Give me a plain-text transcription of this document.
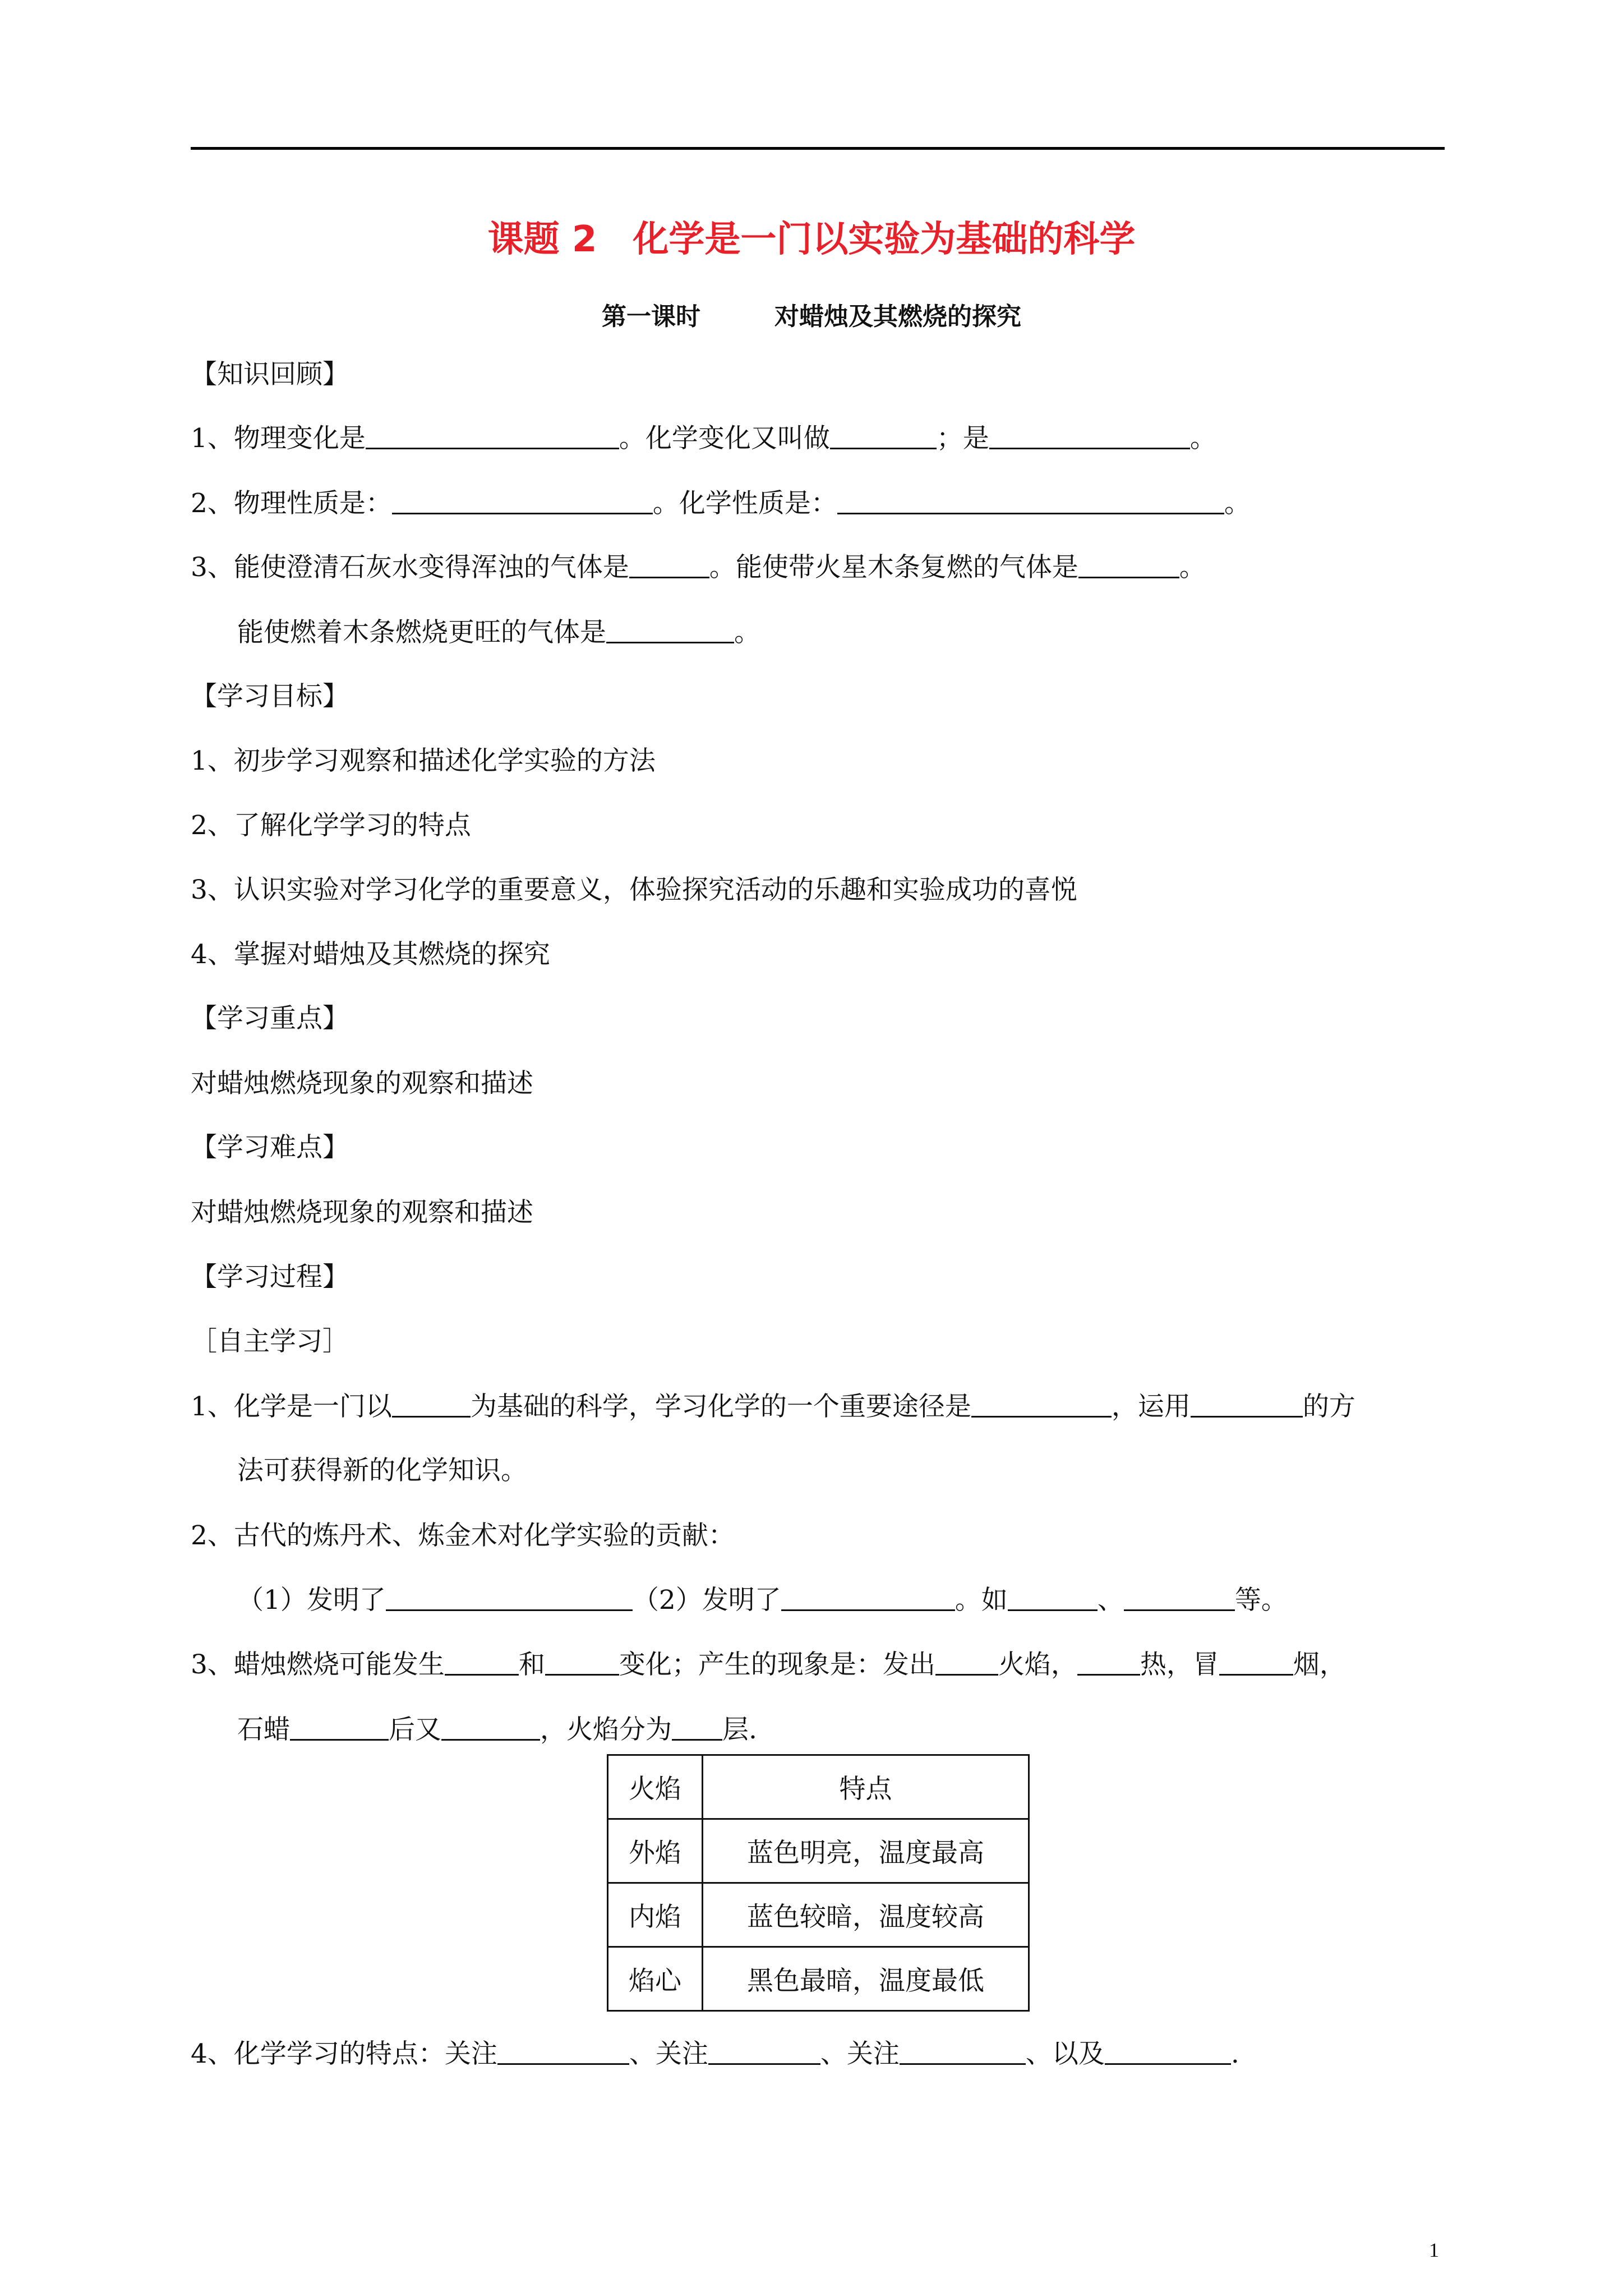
课题 2　化学是一门以实验为基础的科学
第一课时　　　对蜡烛及其燃烧的探究
【知识回顾】
1、物理变化是	。化学变化又叫做	；是	。
2、物理性质是：	。化学性质是：	。
3、能使澄清石灰水变得浑浊的气体是	。能使带火星木条复燃的气体是	。
能使燃着木条燃烧更旺的气体是	。
【学习目标】
1、初步学习观察和描述化学实验的方法
2、了解化学学习的特点
3、认识实验对学习化学的重要意义，体验探究活动的乐趣和实验成功的喜悦
4、掌握对蜡烛及其燃烧的探究
【学习重点】
对蜡烛燃烧现象的观察和描述
【学习难点】
对蜡烛燃烧现象的观察和描述
【学习过程】
［自主学习］
1、化学是一门以	为基础的科学，学习化学的一个重要途径是	，运用	的方
法可获得新的化学知识。
2、古代的炼丹术、炼金术对化学实验的贡献：
（1）发明了	（2）发明了	。如	、	等。
3、蜡烛燃烧可能发生	和	变化；产生的现象是：发出 火焰， 热，冒	烟，
石蜡	后又	，火焰分为 层.
火焰	特点
外焰	蓝色明亮，温度最高
内焰	蓝色较暗，温度较高
焰心	黑色最暗，温度最低
4、化学学习的特点：关注	、关注	、关注	、以及	.
1
